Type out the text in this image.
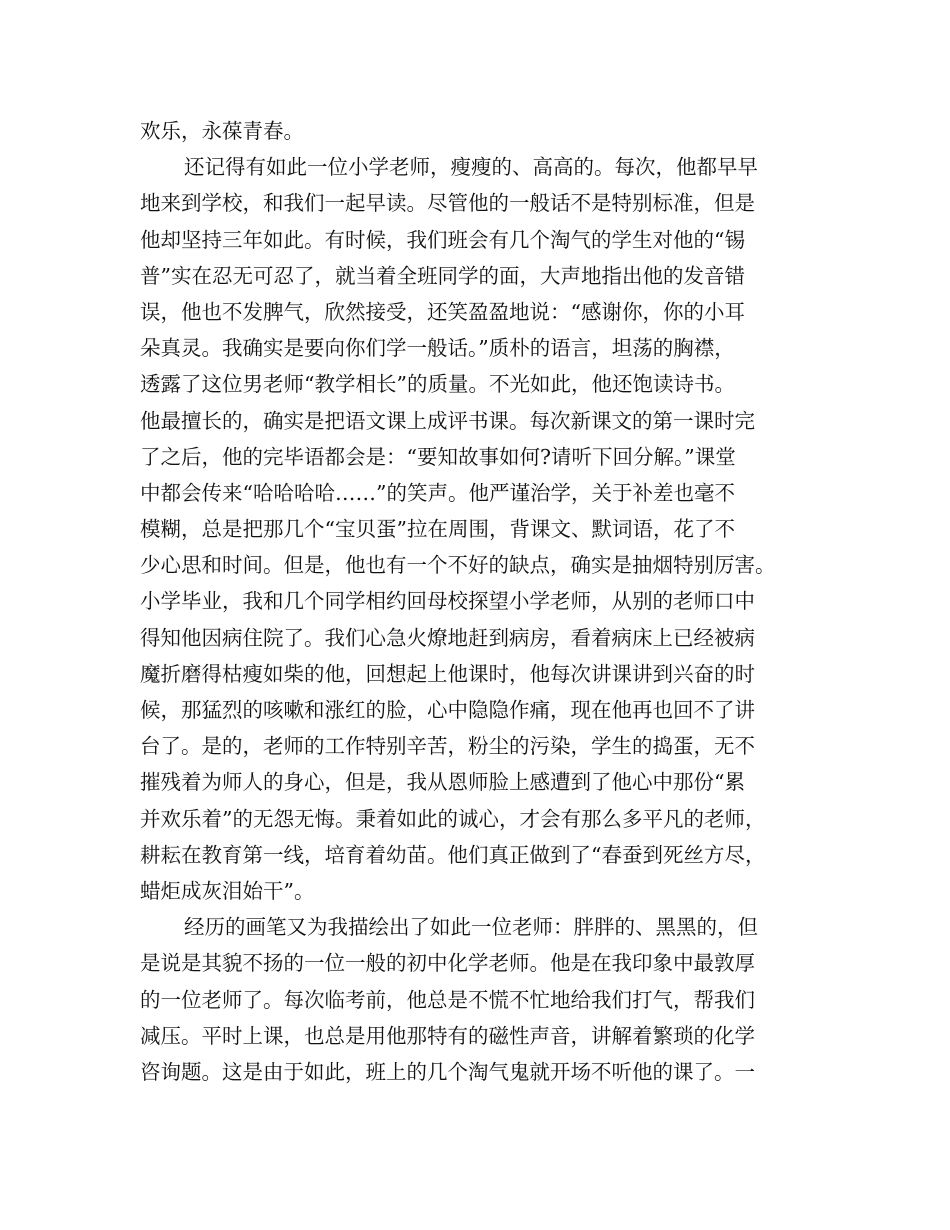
欢乐，永葆青春。
还记得有如此一位小学老师，瘦瘦的、高高的。每次，他都早早
地来到学校，和我们一起早读。尽管他的一般话不是特别标准，但是
他却坚持三年如此。有时候，我们班会有几个淘气的学生对他的“锡
普”实在忍无可忍了，就当着全班同学的面，大声地指出他的发音错
误，他也不发脾气，欣然接受，还笑盈盈地说：“感谢你，你的小耳
朵真灵。我确实是要向你们学一般话。”质朴的语言，坦荡的胸襟，
透露了这位男老师“教学相长”的质量。不光如此，他还饱读诗书。
他最擅长的，确实是把语文课上成评书课。每次新课文的第一课时完
了之后，他的完毕语都会是：“要知故事如何?请听下回分解。”课堂
中都会传来“哈哈哈哈……”的笑声。他严谨治学，关于补差也毫不
模糊，总是把那几个“宝贝蛋”拉在周围，背课文、默词语，花了不
少心思和时间。但是，他也有一个不好的缺点，确实是抽烟特别厉害。
小学毕业，我和几个同学相约回母校探望小学老师，从别的老师口中
得知他因病住院了。我们心急火燎地赶到病房，看着病床上已经被病
魔折磨得枯瘦如柴的他，回想起上他课时，他每次讲课讲到兴奋的时
候，那猛烈的咳嗽和涨红的脸，心中隐隐作痛，现在他再也回不了讲
台了。是的，老师的工作特别辛苦，粉尘的污染，学生的捣蛋，无不
摧残着为师人的身心，但是，我从恩师脸上感遭到了他心中那份“累
并欢乐着”的无怨无悔。秉着如此的诚心，才会有那么多平凡的老师，
耕耘在教育第一线，培育着幼苗。他们真正做到了“春蚕到死丝方尽，
蜡炬成灰泪始干”。
经历的画笔又为我描绘出了如此一位老师：胖胖的、黑黑的，但
是说是其貌不扬的一位一般的初中化学老师。他是在我印象中最敦厚
的一位老师了。每次临考前，他总是不慌不忙地给我们打气，帮我们
减压。平时上课，也总是用他那特有的磁性声音，讲解着繁琐的化学
咨询题。这是由于如此，班上的几个淘气鬼就开场不听他的课了。一
